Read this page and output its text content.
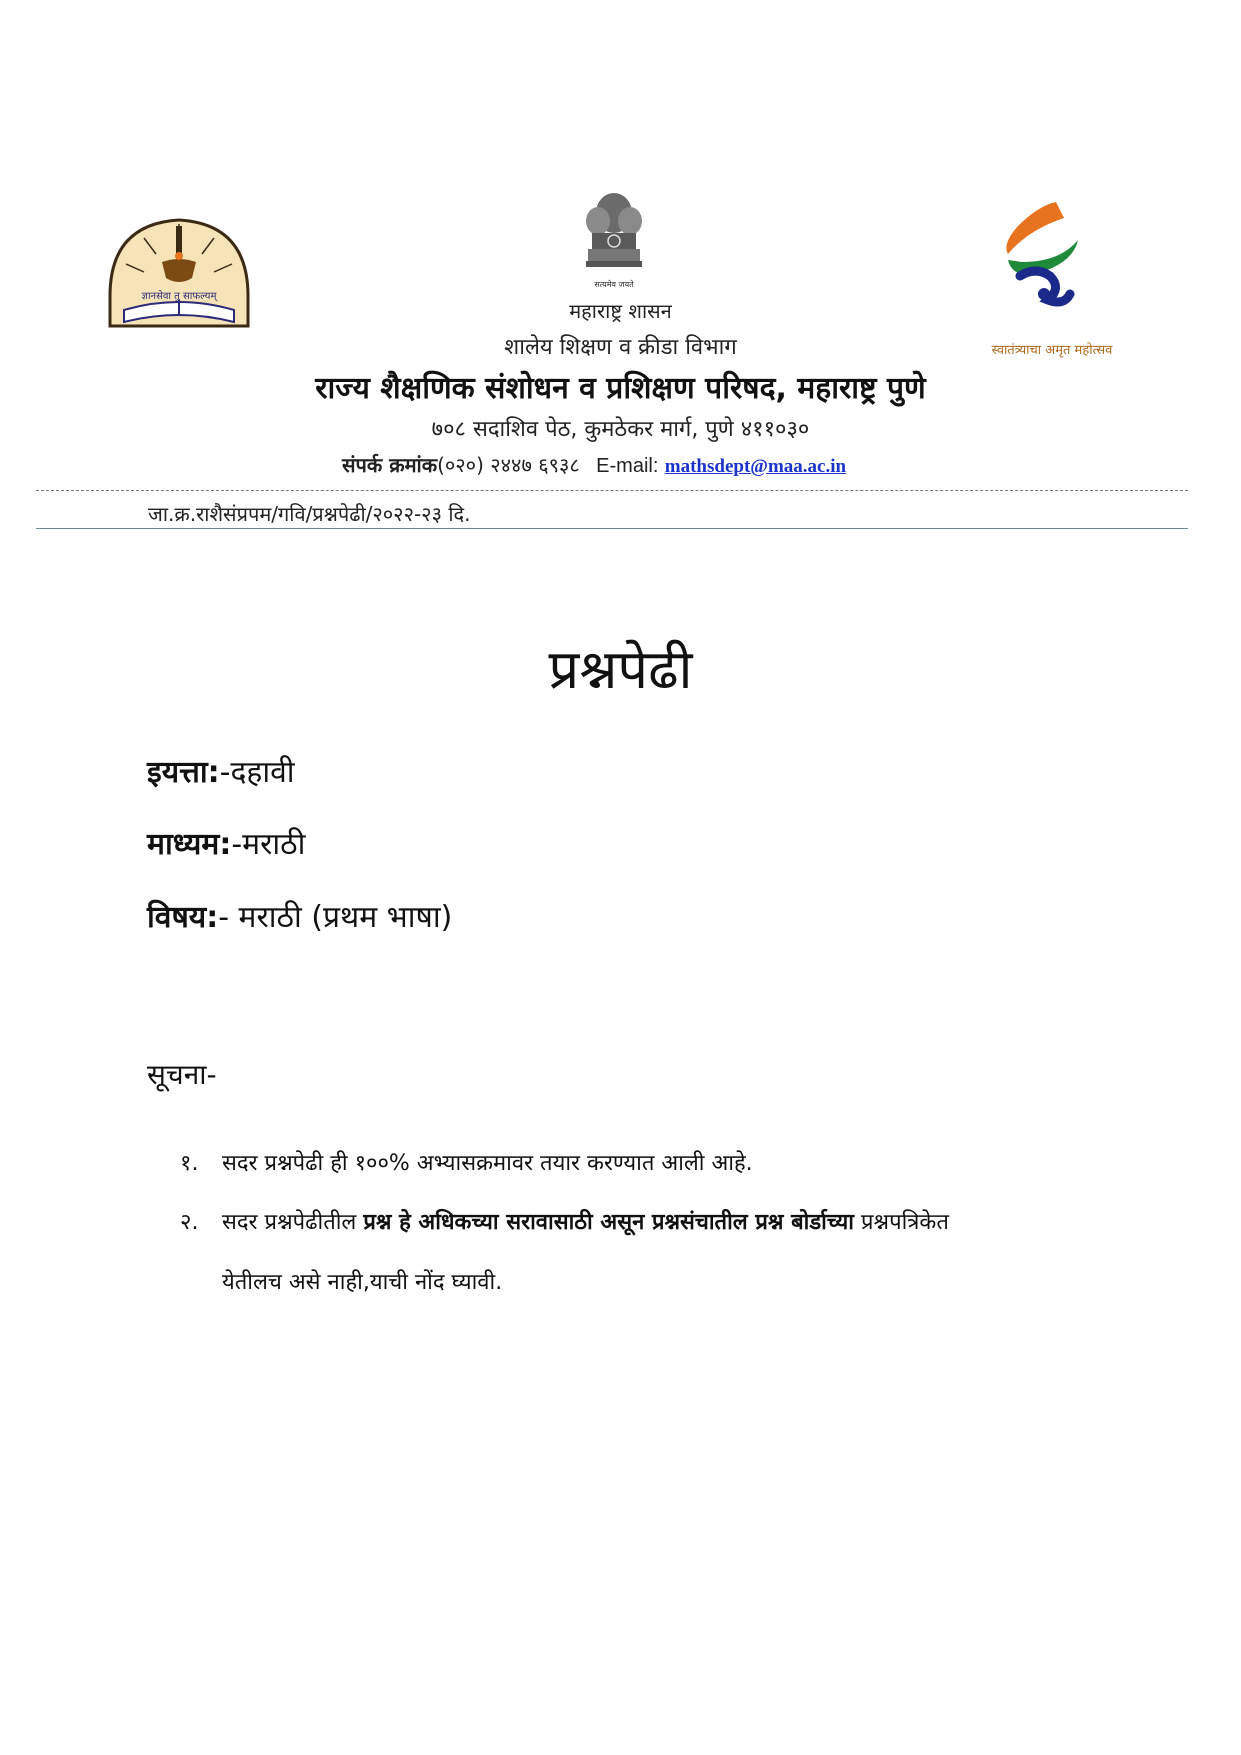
ज्ञानसेवा तु साफल्यम्
सत्यमेव जयते
स्वातंत्र्याचा अमृत महोत्सव
महाराष्ट्र शासन
शालेय शिक्षण व क्रीडा विभाग
राज्य शैक्षणिक संशोधन व प्रशिक्षण परिषद, महाराष्ट्र पुणे
७०८ सदाशिव पेठ, कुमठेकर मार्ग, पुणे ४११०३०
संपर्क क्रमांक(०२०) २४४७ ६९३८ E-mail: mathsdept@maa.ac.in
जा.क्र.राशैसंप्रपम/गवि/प्रश्नपेढी/२०२२-२३ दि.
प्रश्नपेढी
इयत्ता:-दहावी
माध्यम:-मराठी
विषय:- मराठी (प्रथम भाषा)
सूचना-
१. सदर प्रश्नपेढी ही १००% अभ्यासक्रमावर तयार करण्यात आली आहे.
२. सदर प्रश्नपेढीतील प्रश्न हे अधिकच्या सरावासाठी असून प्रश्नसंचातील प्रश्न बोर्डाच्या प्रश्नपत्रिकेत
येतीलच असे नाही,याची नोंद घ्यावी.
